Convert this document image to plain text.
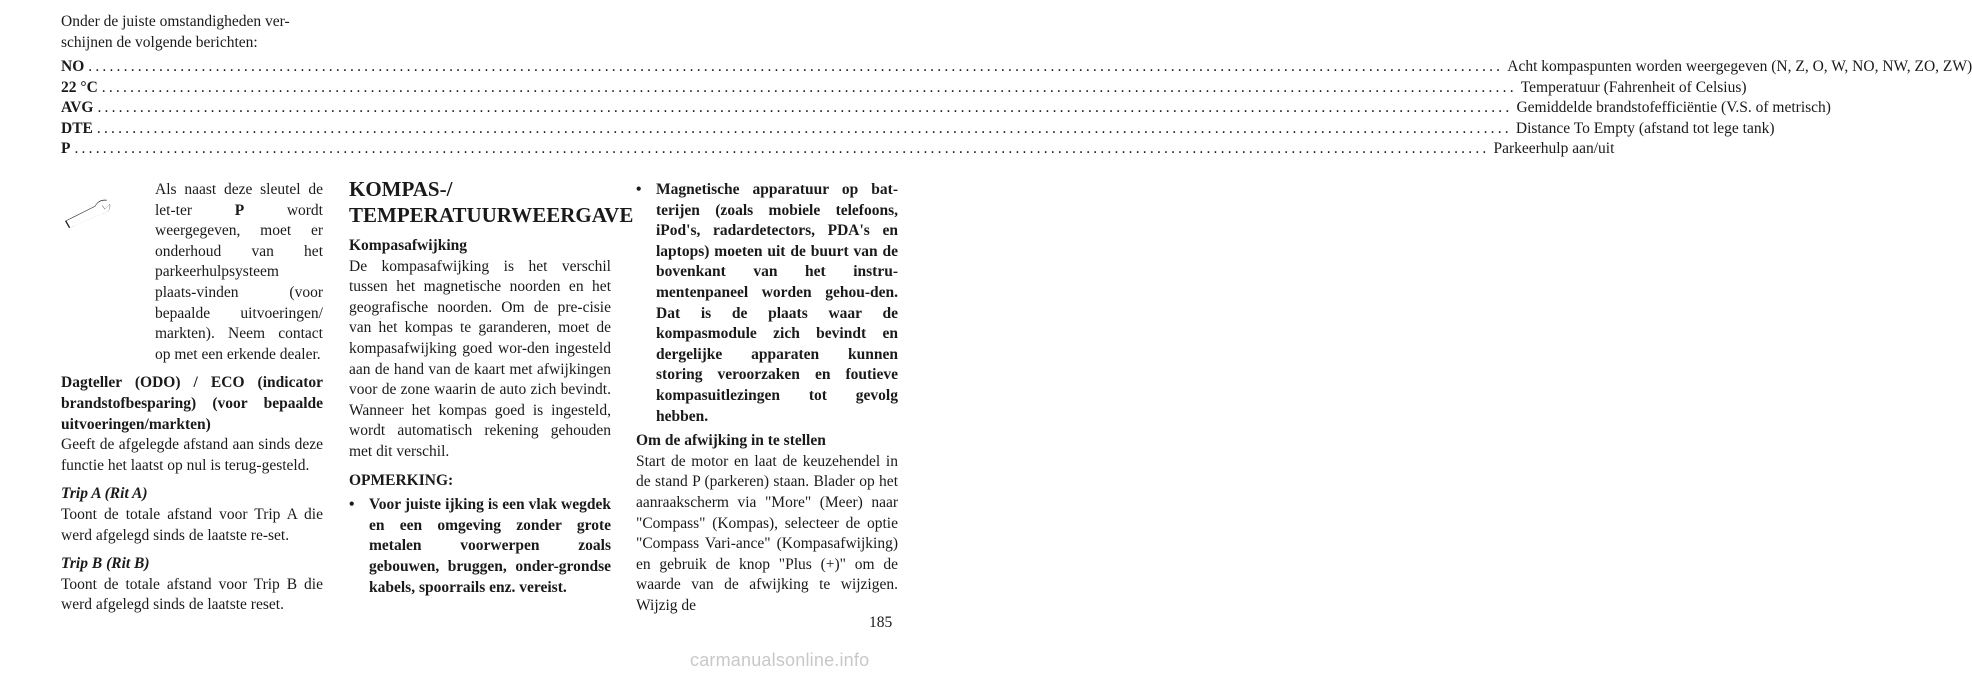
Onder de juiste omstandigheden ver-schijnen de volgende berichten:
NO ........................................................................................................................................................................................................ Acht kompaspunten worden weergegeven (N, Z, O, W, NO, NW, ZO, ZW)
22 °C ........................................................................................................................................................................................................ Temperatuur (Fahrenheit of Celsius)
AVG ........................................................................................................................................................................................................ Gemiddelde brandstofefficiëntie (V.S. of metrisch)
DTE ........................................................................................................................................................................................................ Distance To Empty (afstand tot lege tank)
P ........................................................................................................................................................................................................ Parkeerhulp aan/uit

Als naast deze sleutel de let-ter P wordt weergegeven, moet er onderhoud van het parkeerhulpsysteem plaats-vinden (voor bepaalde uitvoeringen/ markten). Neem contact op met een erkende dealer.

Dagteller (ODO) / ECO (indicator brandstofbesparing) (voor bepaalde uitvoeringen/markten)

Geeft de afgelegde afstand aan sinds deze functie het laatst op nul is terug-gesteld.

Trip A (Rit A)

Toont de totale afstand voor Trip A die werd afgelegd sinds de laatste re-set.

Trip B (Rit B)

Toont de totale afstand voor Trip B die werd afgelegd sinds de laatste reset.

KOMPAS-/ TEMPERATUURWEERGAVE

Kompasafwijking

De kompasafwijking is het verschil tussen het magnetische noorden en het geografische noorden. Om de pre-cisie van het kompas te garanderen, moet de kompasafwijking goed wor-den ingesteld aan de hand van de kaart met afwijkingen voor de zone waarin de auto zich bevindt. Wanneer het kompas goed is ingesteld, wordt automatisch rekening gehouden met dit verschil.

OPMERKING:

• Voor juiste ijking is een vlak wegdek en een omgeving zonder grote metalen voorwerpen zoals gebouwen, bruggen, onder-grondse kabels, spoorrails enz. vereist.
• Magnetische apparatuur op bat-terijen (zoals mobiele telefoons, iPod's, radardetectors, PDA's en laptops) moeten uit de buurt van de bovenkant van het instru-mentenpaneel worden gehou-den. Dat is de plaats waar de kompasmodule zich bevindt en dergelijke apparaten kunnen storing veroorzaken en foutieve kompasuitlezingen tot gevolg hebben.

Om de afwijking in te stellen

Start de motor en laat de keuzehendel in de stand P (parkeren) staan. Blader op het aanraakscherm via "More" (Meer) naar "Compass" (Kompas), selecteer de optie "Compass Vari-ance" (Kompasafwijking) en gebruik de knop "Plus (+)" om de waarde van de afwijking te wijzigen. Wijzig de

185
carmanualsonline.info
